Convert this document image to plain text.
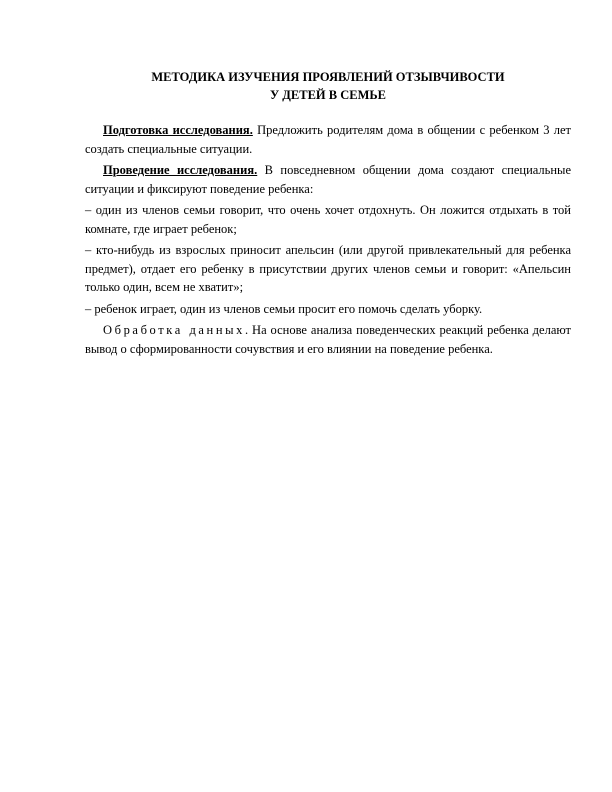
МЕТОДИКА ИЗУЧЕНИЯ ПРОЯВЛЕНИЙ ОТЗЫВЧИВОСТИ
У ДЕТЕЙ В СЕМЬЕ

Подготовка исследования. Предложить родителям дома в общении с ребенком 3 лет создать специальные ситуации.

Проведение исследования. В повседневном общении дома создают специальные ситуации и фиксируют поведение ребенка:

– один из членов семьи говорит, что очень хочет отдохнуть. Он ложится отдыхать в той комнате, где играет ребенок;

– кто-нибудь из взрослых приносит апельсин (или другой привлекательный для ребенка предмет), отдает его ребенку в присутствии других членов семьи и говорит: «Апельсин только один, всем не хватит»;

– ребенок играет, один из членов семьи просит его помочь сделать уборку.

Обработка данных. На основе анализа поведенческих реакций ребенка делают вывод о сформированности сочувствия и его влиянии на поведение ребенка.
